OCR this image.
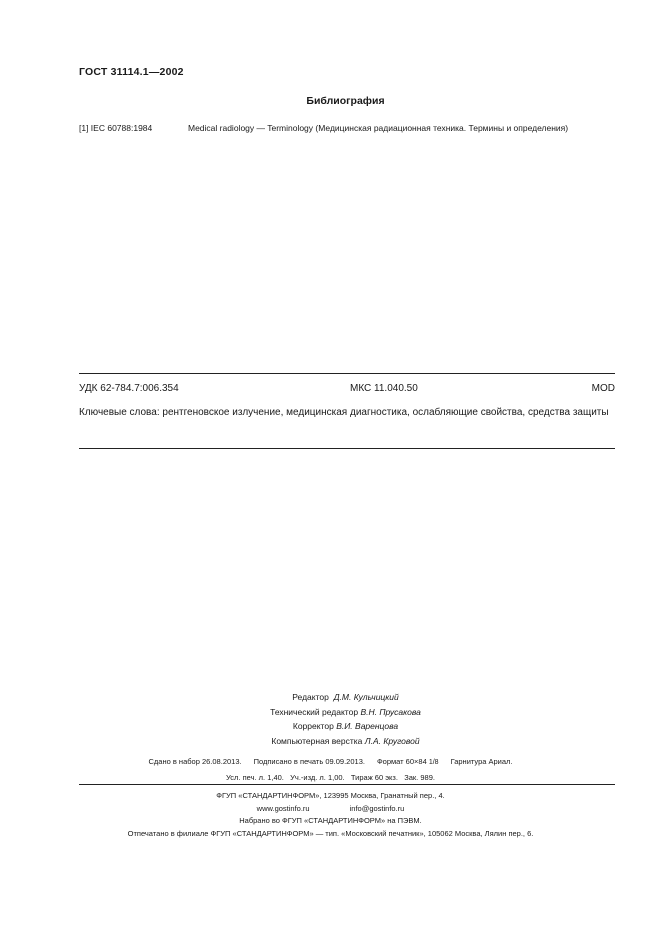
ГОСТ 31114.1—2002
Библиография
[1] IEC 60788:1984	Medical radiology — Terminology (Медицинская радиационная техника. Термины и определения)
УДК 62-784.7:006.354	МКС 11.040.50	MOD
Ключевые слова: рентгеновское излучение, медицинская диагностика, ослабляющие свойства, средства защиты
Редактор Д.М. Кульчицкий
Технический редактор В.Н. Прусакова
Корректор В.И. Варенцова
Компьютерная верстка Л.А. Круговой
Сдано в набор 26.08.2013. Подписано в печать 09.09.2013. Формат 60×84 1/8 Гарнитура Ариал.
Усл. печ. л. 1,40. Уч.-изд. л. 1,00. Тираж 60 экз. Зак. 989.
ФГУП «СТАНДАРТИНФОРМ», 123995 Москва, Гранатный пер., 4.
www.gostinfo.ru	info@gostinfo.ru
Набрано во ФГУП «СТАНДАРТИНФОРМ» на ПЭВМ.
Отпечатано в филиале ФГУП «СТАНДАРТИНФОРМ» — тип. «Московский печатник», 105062 Москва, Лялин пер., 6.
